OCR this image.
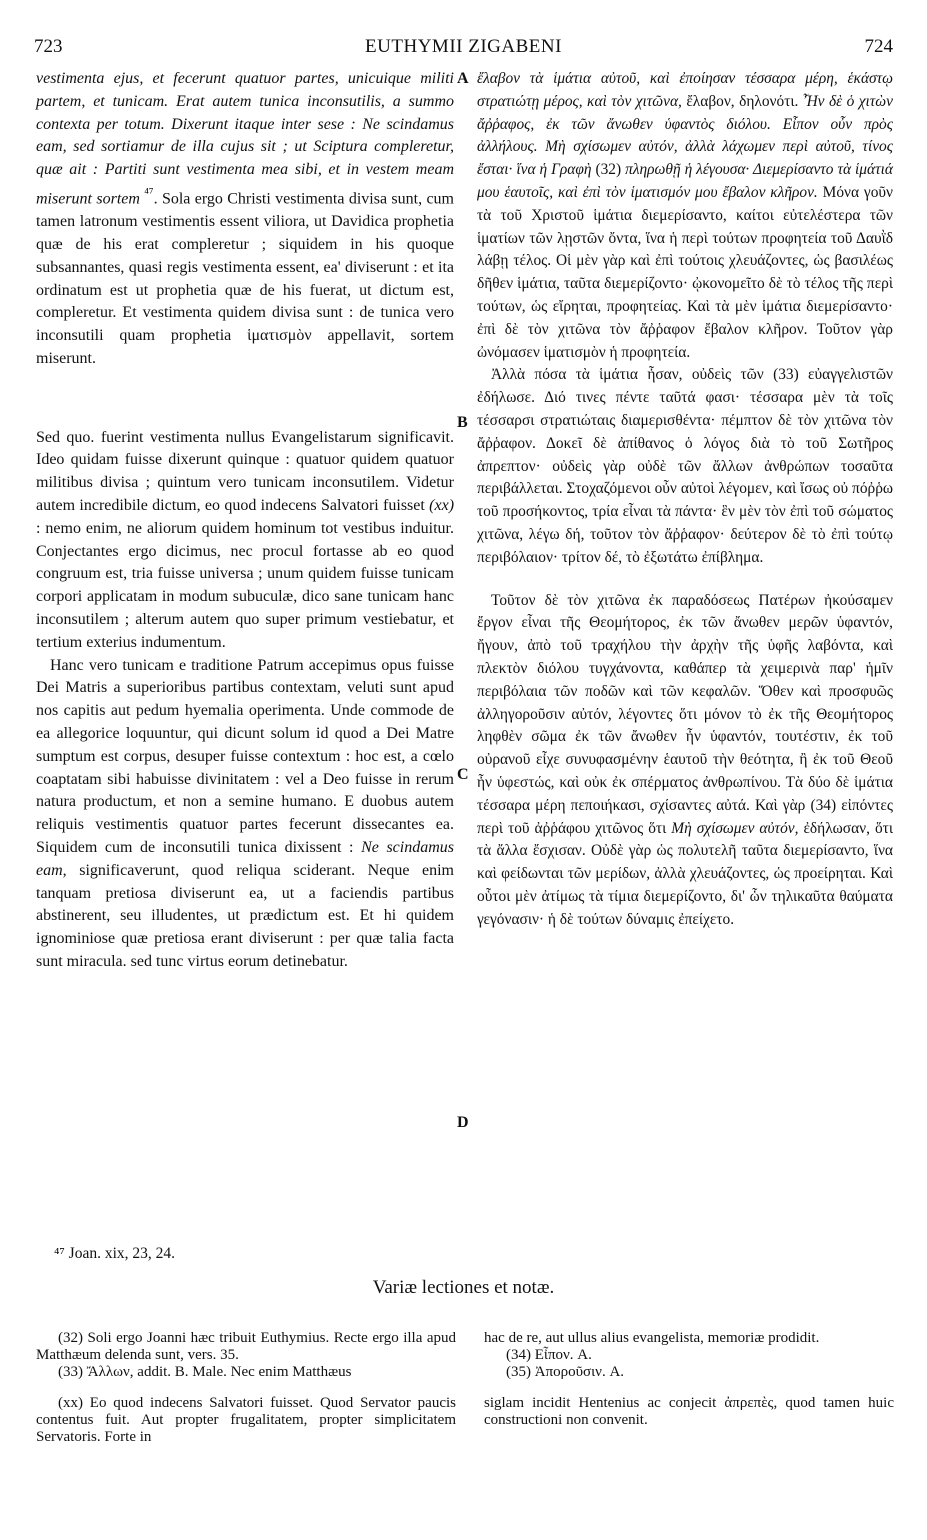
723	EUTHYMII ZIGABENI	724
A
B
C
D

vestimenta ejus, et fecerunt quatuor partes, unicuique militi partem, et tunicam. Erat autem tunica inconsutilis, a summo contexta per totum. Dixerunt itaque inter sese : Ne scindamus eam, sed sortiamur de illa cujus sit ; ut Sciptura compleretur, quæ ait : Partiti sunt vestimenta mea sibi, et in vestem meam miserunt sortem $^{^{47}}$. Sola ergo Christi vestimenta divisa sunt, cum tamen latronum vestimentis essent viliora, ut Davidica prophetia quæ de his erat compleretur ; siquidem in his quoque subsannantes, quasi regis vestimenta essent, ea' diviserunt : et ita ordinatum est ut prophetia quæ de his fuerat, ut dictum est, compleretur. Et vestimenta quidem divisa sunt : de tunica vero inconsutili quam prophetia ἱματισμὸν appellavit, sortem miserunt.

Sed quo. fuerint vestimenta nullus Evangelistarum significavit. Ideo quidam fuisse dixerunt quinque : quatuor quidem quatuor militibus divisa ; quintum vero tunicam inconsutilem. Videtur autem incredibile dictum, eo quod indecens Salvatori fuisset (xx) : nemo enim, ne aliorum quidem hominum tot vestibus induitur. Conjectantes ergo dicimus, nec procul fortasse ab eo quod congruum est, tria fuisse universa ; unum quidem fuisse tunicam corpori applicatam in modum subuculæ, dico sane tunicam hanc inconsutilem ; alterum autem quo super primum vestiebatur, et tertium exterius indumentum.

Hanc vero tunicam e traditione Patrum accepimus opus fuisse Dei Matris a superioribus partibus contextam, veluti sunt apud nos capitis aut pedum hyemalia operimenta. Unde commode de ea allegorice loquuntur, qui dicunt solum id quod a Dei Matre sumptum est corpus, desuper fuisse contextum : hoc est, a cœlo coaptatam sibi habuisse divinitatem : vel a Deo fuisse in rerum natura productum, et non a semine humano. E duobus autem reliquis vestimentis quatuor partes fecerunt dissecantes ea. Siquidem cum de inconsutili tunica dixissent : Ne scindamus eam, significaverunt, quod reliqua sciderant. Neque enim tanquam pretiosa diviserunt ea, ut a faciendis partibus abstinerent, seu illudentes, ut prædictum est. Et hi quidem ignominiose quæ pretiosa erant diviserunt : per quæ talia facta sunt miracula. sed tunc virtus eorum detinebatur.

ἔλαβον τὰ ἱμάτια αὐτοῦ, καὶ ἐποίησαν τέσσαρα μέρη, ἑκάστῳ στρατιώτῃ μέρος, καὶ τὸν χιτῶνα, ἔλαβον, δηλονότι. Ἦν δὲ ὁ χιτὼν ἄῤῥαφος, ἐκ τῶν ἄνωθεν ὑφαντὸς διόλου. Εἶπον οὖν πρὸς ἀλλήλους. Μὴ σχίσωμεν αὐτόν, ἀλλὰ λάχωμεν περὶ αὐτοῦ, τίνος ἔσται· ἵνα ἡ Γραφὴ (32) πληρωθῇ ἡ λέγουσα· Διεμερίσαντο τὰ ἱμάτιά μου ἑαυτοῖς, καὶ ἐπὶ τὸν ἱματισμόν μου ἔβαλον κλῆρον. Μόνα γοῦν τὰ τοῦ Χριστοῦ ἱμάτια διεμερίσαντο, καίτοι εὐτελέστερα τῶν ἱματίων τῶν λῃστῶν ὄντα, ἵνα ἡ περὶ τούτων προφητεία τοῦ Δαυῒδ λάβῃ τέλος. Οἱ μὲν γὰρ καὶ ἐπὶ τούτοις χλευάζοντες, ὡς βασιλέως δῆθεν ἱμάτια, ταῦτα διεμερίζοντο· ᾠκονομεῖτο δὲ τὸ τέλος τῆς περὶ τούτων, ὡς εἴρηται, προφητείας. Καὶ τὰ μὲν ἱμάτια διεμερίσαντο· ἐπὶ δὲ τὸν χιτῶνα τὸν ἄῤῥαφον ἔβαλον κλῆρον. Τοῦτον γὰρ ὠνόμασεν ἱματισμὸν ἡ προφητεία.

Ἀλλὰ πόσα τὰ ἱμάτια ἦσαν, οὐδεὶς τῶν (33) εὐαγγελιστῶν ἐδήλωσε. Διό τινες πέντε ταῦτά φασι· τέσσαρα μὲν τὰ τοῖς τέσσαρσι στρατιώταις διαμερισθέντα· πέμπτον δὲ τὸν χιτῶνα τὸν ἄῤῥαφον. Δοκεῖ δὲ ἀπίθανος ὁ λόγος διὰ τὸ τοῦ Σωτῆρος ἀπρεπτον· οὐδεὶς γὰρ οὐδὲ τῶν ἄλλων ἀνθρώπων τοσαῦτα περιβάλλεται. Στοχαζόμενοι οὖν αὐτοὶ λέγομεν, καὶ ἴσως οὐ πόῤῥω τοῦ προσήκοντος, τρία εἶναι τὰ πάντα· ἓν μὲν τὸν ἐπὶ τοῦ σώματος χιτῶνα, λέγω δή, τοῦτον τὸν ἄῤῥαφον· δεύτερον δὲ τὸ ἐπὶ τούτῳ περιβόλαιον· τρίτον δέ, τὸ ἐξωτάτω ἐπίβλημα.

Τοῦτον δὲ τὸν χιτῶνα ἐκ παραδόσεως Πατέρων ἠκούσαμεν ἔργον εἶναι τῆς Θεομήτορος, ἐκ τῶν ἄνωθεν μερῶν ὑφαντόν, ἤγουν, ἀπὸ τοῦ τραχήλου τὴν ἀρχὴν τῆς ὑφῆς λαβόντα, καὶ πλεκτὸν διόλου τυγχάνοντα, καθάπερ τὰ χειμερινὰ παρ' ἡμῖν περιβόλαια τῶν ποδῶν καὶ τῶν κεφαλῶν. Ὅθεν καὶ προσφυῶς ἀλληγοροῦσιν αὐτόν, λέγοντες ὅτι μόνον τὸ ἐκ τῆς Θεομήτορος ληφθὲν σῶμα ἐκ τῶν ἄνωθεν ἦν ὑφαντόν, τουτέστιν, ἐκ τοῦ οὐρανοῦ εἶχε συνυφασμένην ἑαυτοῦ τὴν θεότητα, ἢ ἐκ τοῦ Θεοῦ ἦν ὑφεστώς, καὶ οὐκ ἐκ σπέρματος ἀνθρωπίνου. Τὰ δύο δὲ ἱμάτια τέσσαρα μέρη πεποιήκασι, σχίσαντες αὐτά. Καὶ γὰρ (34) εἰπόντες περὶ τοῦ ἀῤῥάφου χιτῶνος ὅτι Μὴ σχίσωμεν αὐτόν, ἐδήλωσαν, ὅτι τὰ ἄλλα ἔσχισαν. Οὐδὲ γὰρ ὡς πολυτελῆ ταῦτα διεμερίσαντο, ἵνα καὶ φείδωνται τῶν μερίδων, ἀλλὰ χλευάζοντες, ὡς προείρηται. Καὶ οὗτοι μὲν ἀτίμως τὰ τίμια διεμερίζοντο, δι' ὧν τηλικαῦτα θαύματα γεγόνασιν· ἡ δὲ τούτων δύναμις ἐπείχετο.

⁴⁷ Joan. xix, 23, 24.
Variæ lectiones et notæ.

(32) Soli ergo Joanni hæc tribuit Euthymius. Recte ergo illa apud Matthæum delenda sunt, vers. 35.

(33) Ἄλλων, addit. B. Male. Nec enim Matthæus

(xx) Eo quod indecens Salvatori fuisset. Quod Servator paucis contentus fuit. Aut propter frugalitatem, propter simplicitatem Servatoris. Forte in

hac de re, aut ullus alius evangelista, memoriæ prodidit.

(34) Εἶπον. A.

(35) Ἀποροῦσιν. A.

siglam incidit Hentenius ac conjecit ἀπρεπὲς, quod tamen huic constructioni non convenit.
